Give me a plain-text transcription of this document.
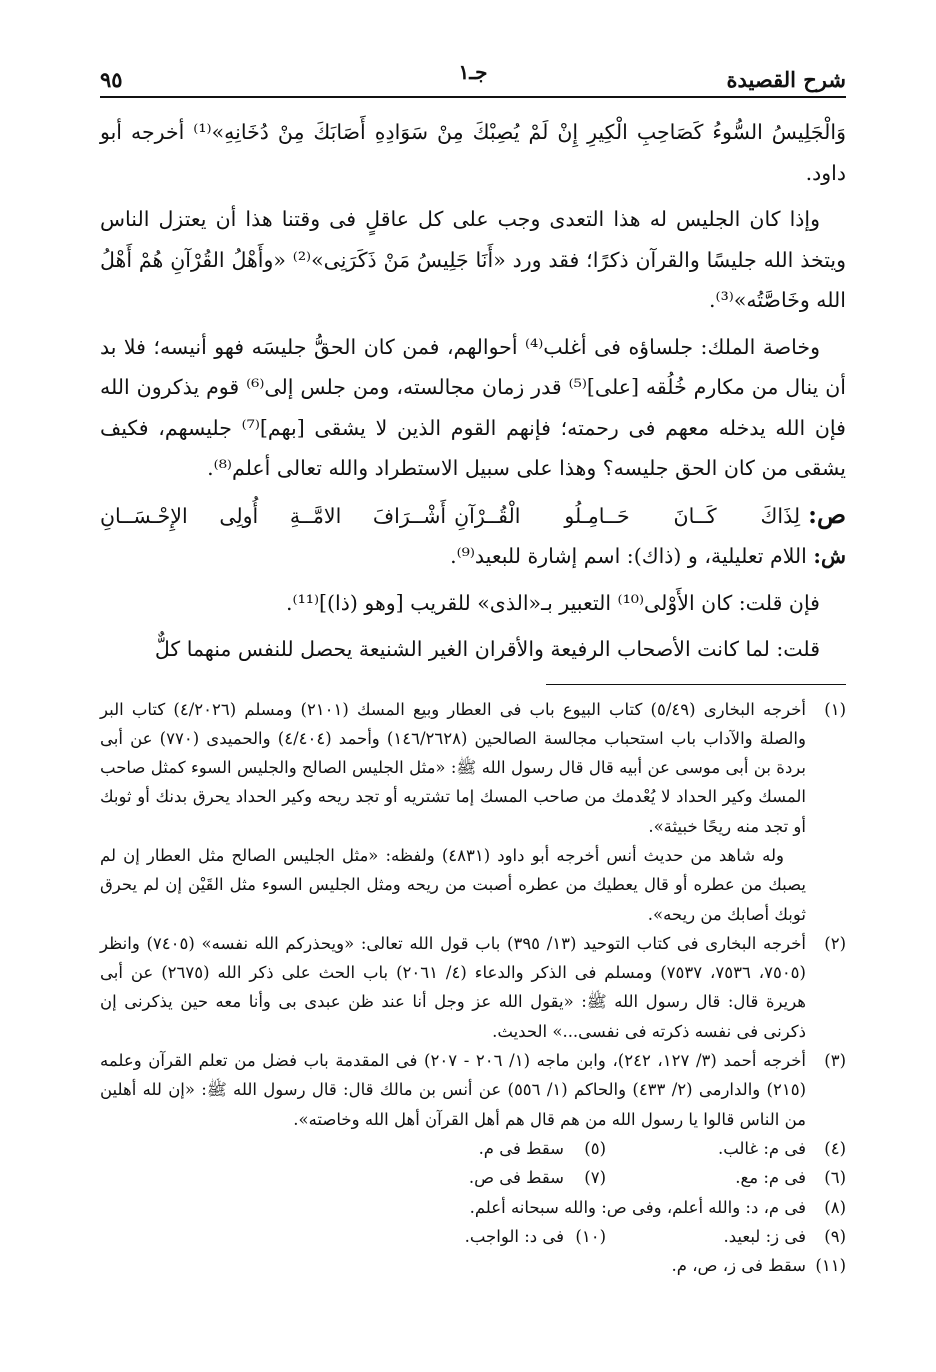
شرح القصيدة
جـ١
٩٥

وَالْجَلِيسُ السُّوءُ كَصَاحِبِ الْكِيرِ إِنْ لَمْ يُصِبْكَ مِنْ سَوَادِهِ أَصَابَكَ مِنْ دُخَانِهِ»⁽¹⁾ أخرجه أبو داود.

وإذا كان الجليس له هذا التعدى وجب على كل عاقلٍ فى وقتنا هذا أن يعتزل الناس ويتخذ الله جليسًا والقرآن ذكرًا؛ فقد ورد «أَنَا جَلِيسُ مَنْ ذَكَرَنِى»⁽²⁾ «وأَهْلُ القُرْآنِ هُمْ أَهْلُ الله وخَاصَّتُه»⁽³⁾.

وخاصة الملك: جلساؤه فى أغلب⁽⁴⁾ أحوالهم، فمن كان الحقُّ جليسَه فهو أنيسه؛ فلا بد أن ينال من مكارم خُلُقه [على]⁽⁵⁾ قدر زمان مجالسته، ومن جلس إلى⁽⁶⁾ قوم يذكرون الله فإن الله يدخله معهم فى رحمته؛ فإنهم القوم الذين لا يشقى [بهم]⁽⁷⁾ جليسهم، فكيف يشقى من كان الحق جليسه؟ وهذا على سبيل الاستطراد والله تعالى أعلم⁽⁸⁾.

ص:
لِذَاكَ كَــانَ حَــامِـلُو الْقُــرْآنِ
أَشْــرَافَ الامَّــةِ أُولِى الإِحْـسَــانِ

ش: اللام تعليلية، و (ذاك): اسم إشارة للبعيد⁽⁹⁾.

فإن قلت: كان الأَوْلى⁽¹⁰⁾ التعبير بـ«الذى» للقريب [وهو (ذا)]⁽¹¹⁾.

قلت: لما كانت الأصحاب الرفيعة والأقران الغير الشنيعة يحصل للنفس منهما كلٌّ

(١)

أخرجه البخارى (٥/٤٩) كتاب البيوع باب فى العطار وبيع المسك (٢١٠١) ومسلم (٤/٢٠٢٦) كتاب البر والصلة والآداب باب استحباب مجالسة الصالحين (١٤٦/٢٦٢٨) وأحمد (٤/٤٠٤) والحميدى (٧٧٠) عن أبى بردة بن أبى موسى عن أبيه قال قال رسول الله ﷺ: «مثل الجليس الصالح والجليس السوء كمثل صاحب المسك وكير الحداد لا يُعْدمك من صاحب المسك إما تشتريه أو تجد ريحه وكير الحداد يحرق بدنك أو ثوبك أو تجد منه ريحًا خبيثة».

وله شاهد من حديث أنس أخرجه أبو داود (٤٨٣١) ولفظه: «مثل الجليس الصالح مثل العطار إن لم يصبك من عطره أو قال يعطيك من عطره أصبت من ريحه ومثل الجليس السوء مثل القَيْن إن لم يحرق ثوبك أصابك من ريحه».

(٢)

أخرجه البخارى فى كتاب التوحيد (١٣/ ٣٩٥) باب قول الله تعالى: «ويحذركم الله نفسه» (٧٤٠٥) وانظر (٧٥٠٥، ٧٥٣٦، ٧٥٣٧) ومسلم فى الذكر والدعاء (٤/ ٢٠٦١) باب الحث على ذكر الله (٢٦٧٥) عن أبى هريرة قال: قال رسول الله ﷺ: «يقول الله عز وجل أنا عند ظن عبدى بى وأنا معه حين يذكرنى إن ذكرنى فى نفسه ذكرته فى نفسى...» الحديث.

(٣)

أخرجه أحمد (٣/ ١٢٧، ٢٤٢)، وابن ماجه (١/ ٢٠٦ - ٢٠٧) فى المقدمة باب فضل من تعلم القرآن وعلمه (٢١٥) والدارمى (٢/ ٤٣٣) والحاكم (١/ ٥٥٦) عن أنس بن مالك قال: قال رسول الله ﷺ: «إن لله أهلين من الناس قالوا يا رسول الله من هم قال هم أهل القرآن أهل الله وخاصته».

(٤)
فى م: غالب.
(٥)
سقط فى م.
(٦)
فى م: مع.
(٧)
سقط فى ص.
(٨)
فى م، د: والله أعلم، وفى ص: والله سبحانه أعلم.
(٩)
فى ز: لبعيد.
(١٠)
فى د: الواجب.
(١١)
سقط فى ز، ص، م.
